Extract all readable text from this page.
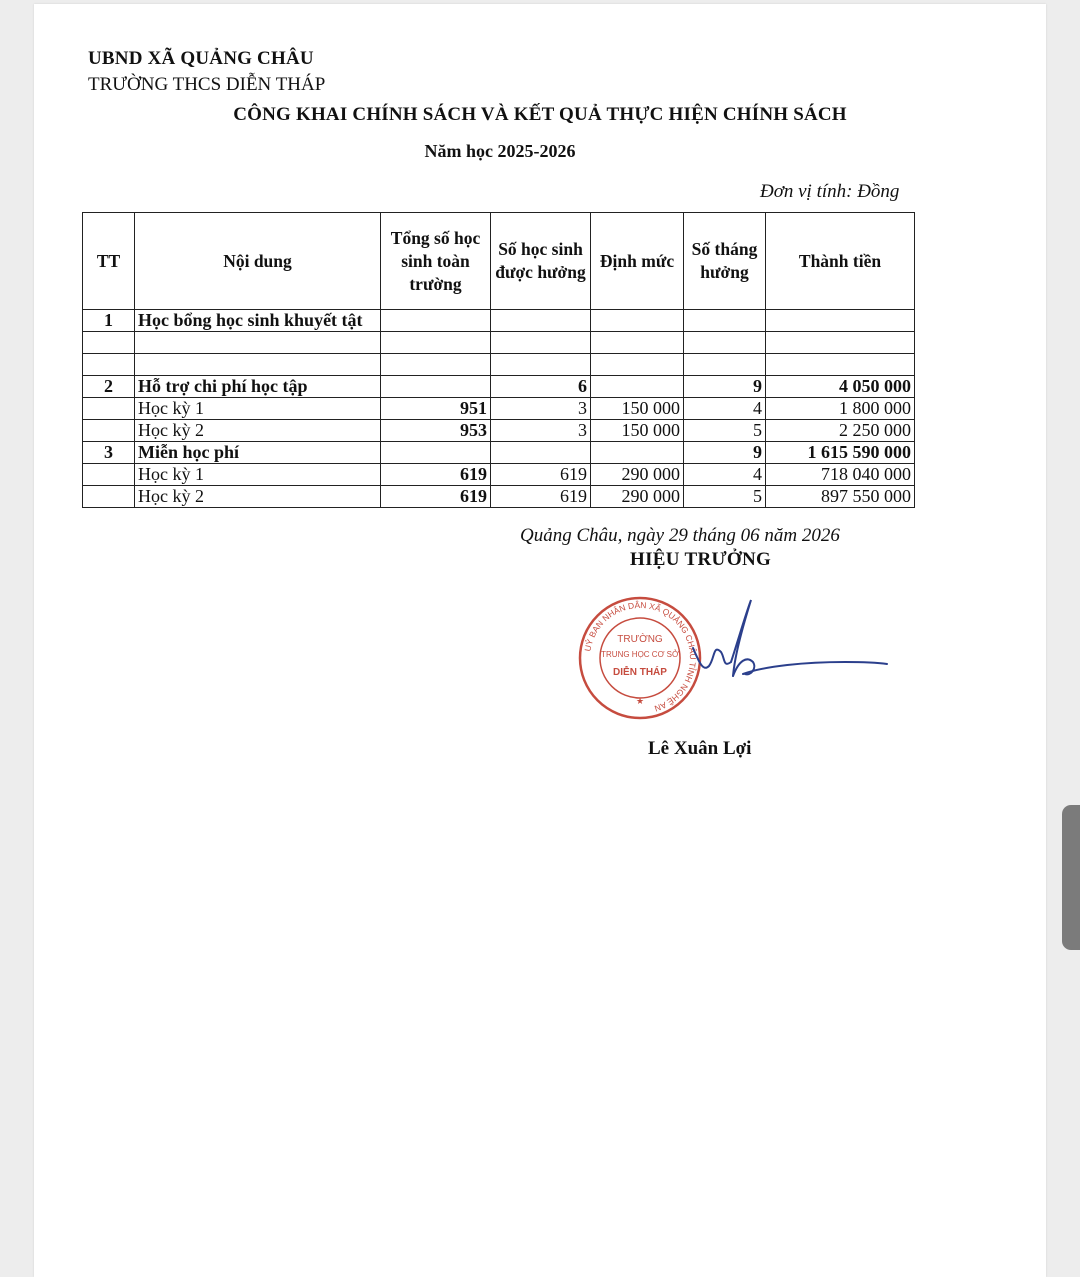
UBND XÃ QUẢNG CHÂU
TRƯỜNG THCS DIỄN THÁP
CÔNG KHAI CHÍNH SÁCH VÀ KẾT QUẢ THỰC HIỆN CHÍNH SÁCH
Năm học 2025-2026
Đơn vị tính: Đồng
TT	Nội dung	Tổng số học sinh toàn trường	Số học sinh được hưởng	Định mức	Số tháng hưởng	Thành tiền
1	Học bổng học sinh khuyết tật					

2	Hỗ trợ chi phí học tập		6		9	4 050 000
	Học kỳ 1	951	3	150 000	4	1 800 000
	Học kỳ 2	953	3	150 000	5	2 250 000
3	Miễn học phí				9	1 615 590 000
	Học kỳ 1	619	619	290 000	4	718 040 000
	Học kỳ 2	619	619	290 000	5	897 550 000
Quảng Châu, ngày 29 tháng 06 năm 2026
HIỆU TRƯỞNG
UỶ BAN NHÂN DÂN XÃ QUẢNG CHÂU TỈNH NGHỆ AN
TRƯỜNG
TRUNG HỌC CƠ SỞ
DIỄN THÁP
★
Lê Xuân Lợi
